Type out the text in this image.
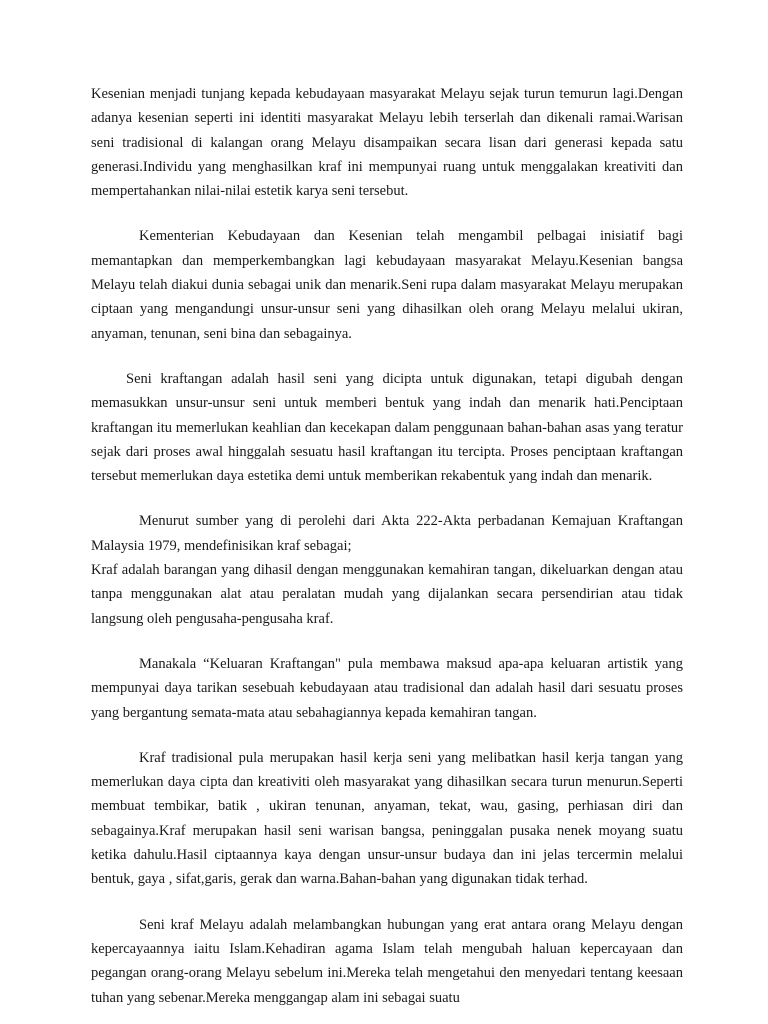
Kesenian menjadi tunjang kepada kebudayaan masyarakat Melayu sejak turun temurun lagi.Dengan adanya kesenian seperti ini identiti masyarakat Melayu lebih terserlah dan dikenali ramai.Warisan seni tradisional di kalangan orang Melayu disampaikan secara lisan dari generasi kepada satu generasi.Individu yang menghasilkan kraf ini mempunyai ruang untuk menggalakan kreativiti dan mempertahankan nilai-nilai estetik karya seni tersebut.

Kementerian Kebudayaan dan Kesenian telah mengambil pelbagai inisiatif bagi memantapkan dan memperkembangkan lagi kebudayaan masyarakat Melayu.Kesenian bangsa Melayu telah diakui dunia sebagai unik dan menarik.Seni rupa dalam masyarakat Melayu merupakan ciptaan yang mengandungi unsur-unsur seni yang dihasilkan oleh orang Melayu melalui ukiran, anyaman, tenunan, seni bina dan sebagainya.

Seni kraftangan adalah hasil seni yang dicipta untuk digunakan, tetapi digubah dengan memasukkan unsur-unsur seni untuk memberi bentuk yang indah dan menarik hati.Penciptaan kraftangan itu memerlukan keahlian dan kecekapan dalam penggunaan bahan-bahan asas yang teratur sejak dari proses awal hinggalah sesuatu hasil kraftangan itu tercipta. Proses penciptaan kraftangan tersebut memerlukan daya estetika demi untuk memberikan rekabentuk yang indah dan menarik.

Menurut sumber yang di perolehi dari Akta 222-Akta perbadanan Kemajuan Kraftangan Malaysia 1979, mendefinisikan kraf sebagai;
Kraf adalah barangan yang dihasil dengan menggunakan kemahiran tangan, dikeluarkan dengan atau tanpa menggunakan alat atau peralatan mudah yang dijalankan secara persendirian atau tidak langsung oleh pengusaha-pengusaha kraf.

Manakala “Keluaran Kraftangan" pula membawa maksud apa-apa keluaran artistik yang mempunyai daya tarikan sesebuah kebudayaan atau tradisional dan adalah hasil dari sesuatu proses yang bergantung semata-mata atau sebahagiannya kepada kemahiran tangan.

Kraf tradisional pula merupakan hasil kerja seni yang melibatkan hasil kerja tangan yang memerlukan daya cipta dan kreativiti oleh masyarakat yang dihasilkan secara turun menurun.Seperti membuat tembikar, batik , ukiran tenunan, anyaman, tekat, wau, gasing, perhiasan diri dan sebagainya.Kraf merupakan hasil seni warisan bangsa, peninggalan pusaka nenek moyang suatu ketika dahulu.Hasil ciptaannya kaya dengan unsur-unsur budaya dan ini jelas tercermin melalui bentuk, gaya , sifat,garis, gerak dan warna.Bahan-bahan yang digunakan tidak terhad.

Seni kraf Melayu adalah melambangkan hubungan yang erat antara orang Melayu dengan kepercayaannya iaitu Islam.Kehadiran agama Islam telah mengubah haluan kepercayaan dan pegangan orang-orang Melayu sebelum ini.Mereka telah mengetahui den menyedari tentang keesaan tuhan yang sebenar.Mereka menggangap alam ini sebagai suatu
